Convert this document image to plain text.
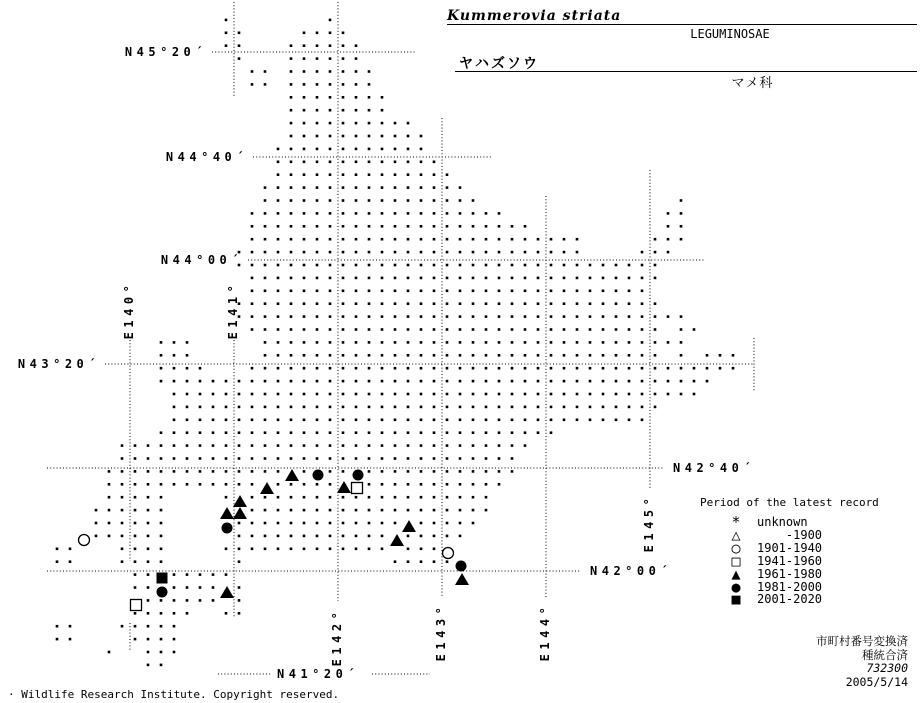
Kummerovia striata
LEGUMINOSAE
ヤハズソウ
マメ科
Period of the latest record
*	unknown
△	-1900
○	1901-1940
□	1941-1960
▲	1961-1980
●	1981-2000
■	2001-2020
N45°20´
N44°40´
N44°00´
N43°20´
N42°40´
N42°00´
N41°20´
E140°	E141°
E142°	E143°	E144°
E145°
市町村番号変換済
種統合済
732300
2005/5/14
· Wildlife Research Institute. Copyright reserved.
